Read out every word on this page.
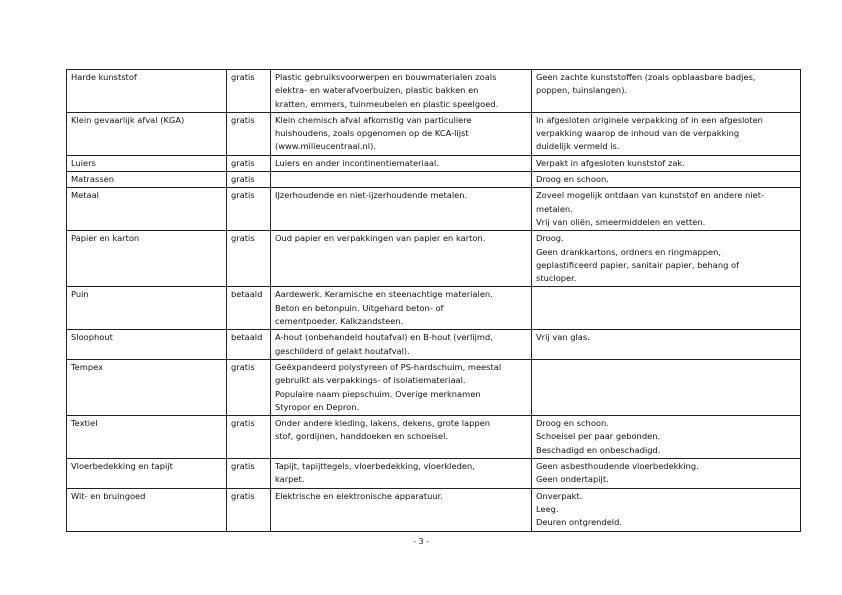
Harde kunststof	gratis	Plastic gebruiksvoorwerpen en bouwmaterialen zoals
elektra- en waterafvoerbuizen, plastic bakken en
kratten, emmers, tuinmeubelen en plastic speelgoed.	Geen zachte kunststoffen (zoals opblaasbare badjes,
poppen, tuinslangen).

Klein gevaarlijk afval (KGA)	gratis	Klein chemisch afval afkomstig van particuliere
huishoudens, zoals opgenomen op de KCA-lijst
(www.milieucentraal.nl).	In afgesloten originele verpakking of in een afgesloten
verpakking waarop de inhoud van de verpakking
duidelijk vermeld is.

Luiers	gratis	Luiers en ander incontinentiemateriaal.	Verpakt in afgesloten kunststof zak.

Matrassen	gratis		Droog en schoon.

Metaal	gratis	IJzerhoudende en niet-ijzerhoudende metalen.	Zoveel mogelijk ontdaan van kunststof en andere niet-
metalen.
Vrij van oliën, smeermiddelen en vetten.

Papier en karton	gratis	Oud papier en verpakkingen van papier en karton.	Droog.
Geen drankkartons, ordners en ringmappen,
geplastificeerd papier, sanitair papier, behang of
stucloper.

Puin	betaald	Aardewerk. Keramische en steenachtige materialen.
Beton en betonpuin. Uitgehard beton- of
cementpoeder. Kalkzandsteen.	

Sloophout	betaald	A-hout (onbehandeld houtafval) en B-hout (verlijmd,
geschilderd of gelakt houtafval).	Vrij van glas.

Tempex	gratis	Geëxpandeerd polystyreen of PS-hardschuim, meestal
gebruikt als verpakkings- of isolatiemateriaal.
Populaire naam piepschuim. Overige merknamen
Styropor en Depron.	

Textiel	gratis	Onder andere kleding, lakens, dekens, grote lappen
stof, gordijnen, handdoeken en schoeisel.	Droog en schoon.
Schoeisel per paar gebonden.
Beschadigd en onbeschadigd.

Vloerbedekking en tapijt	gratis	Tapijt, tapijttegels, vloerbedekking, vloerkleden,
karpet.	Geen asbesthoudende vloerbedekking.
Geen ondertapijt.

Wit- en bruingoed	gratis	Elektrische en elektronische apparatuur.	Onverpakt.
Leeg.
Deuren ontgrendeld.
- 3 -
